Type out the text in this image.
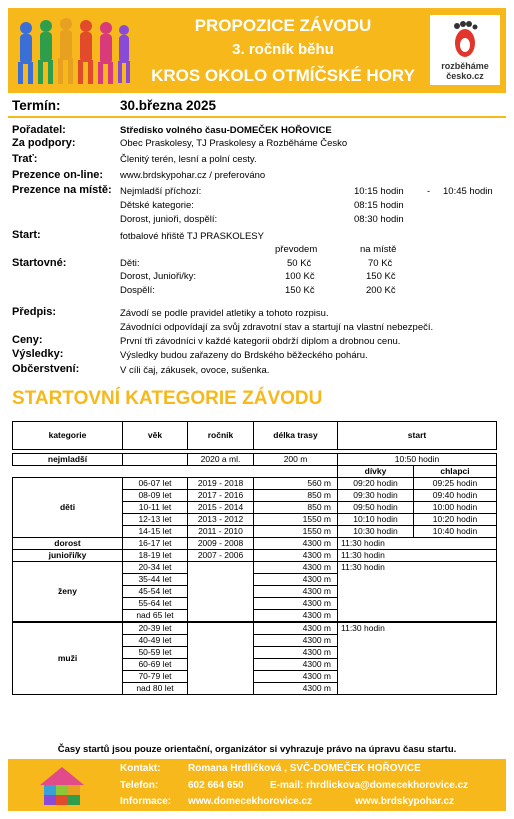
PROPOZICE ZÁVODU
3. ročník běhu
KROS OKOLO OTMÍČSKÉ HORY	rozběháme
česko.cz
Termín:	30.března 2025
Pořadatel:	Středisko volného času-DOMEČEK HOŘOVICE
Za podpory:	Obec Praskolesy, TJ Praskolesy a Rozběháme Česko
Trať:	Členitý terén, lesní a polní cesty.
Prezence on-line: www.brdskypohar.cz / preferováno
Prezence na místě: Nejmladší příchozí:	10:15 hodin - 10:45 hodin
Dětské kategorie:	08:15 hodin
Dorost, junioři, dospělí:	08:30 hodin
Start:	fotbalové hřiště TJ PRASKOLESY
převodem	na místě
Startovné:	Děti:	50 Kč	70 Kč
Dorost, Junioři/ky:	100 Kč	150 Kč
Dospělí:	150 Kč	200 Kč
Předpis:	Závodí se podle pravidel atletiky a tohoto rozpisu.
Závodníci odpovídají za svůj zdravotní stav a startují na vlastní nebezpečí.
Ceny:	První tři závodníci v každé kategorii obdrží diplom a drobnou cenu.
Výsledky:	Výsledky budou zařazeny do Brdského běžeckého poháru.
Občerstvení:	V cíli čaj, zákusek, ovoce, sušenka.
STARTOVNÍ KATEGORIE ZÁVODU
kategorie	věk	ročník	délka trasy	start	

nejmladší		2020 a ml.	200 m	10:50 hodin	
				dívky	chlapci
děti	06-07 let	2019 - 2018	560 m	09:20 hodin	09:25 hodin
	08-09 let	2017 - 2016	850 m	09:30 hodin	09:40 hodin
	10-11 let	2015 - 2014	850 m	09:50 hodin	10:00 hodin
	12-13 let	2013 - 2012	1550 m	10:10 hodin	10:20 hodin
	14-15 let	2011 - 2010	1550 m	10:30 hodin	10:40 hodin
dorost	16-17 let	2009 - 2008	4300 m	11:30 hodin	
junioři/ky	18-19 let	2007 - 2006	4300 m	11:30 hodin	
ženy	20-34 let		4300 m	11:30 hodin	
	35-44 let		4300 m		
	45-54 let		4300 m		
	55-64 let		4300 m		
	nad 65 let		4300 m		
muži	20-39 let		4300 m	11:30 hodin	
	40-49 let		4300 m		
	50-59 let		4300 m		
	60-69 let		4300 m		
	70-79 let		4300 m		
	nad 80 let		4300 m		
Časy startů jsou pouze orientační, organizátor si vyhrazuje právo na úpravu času startu.
Kontakt:	Romana Hrdličková , SVČ-DOMEČEK HOŘOVICE
Telefon:	602 664 650	E-mail: rhrdlickova@domecekhorovice.cz
Informace: www.domecekhorovice.cz	www.brdskypohar.cz
